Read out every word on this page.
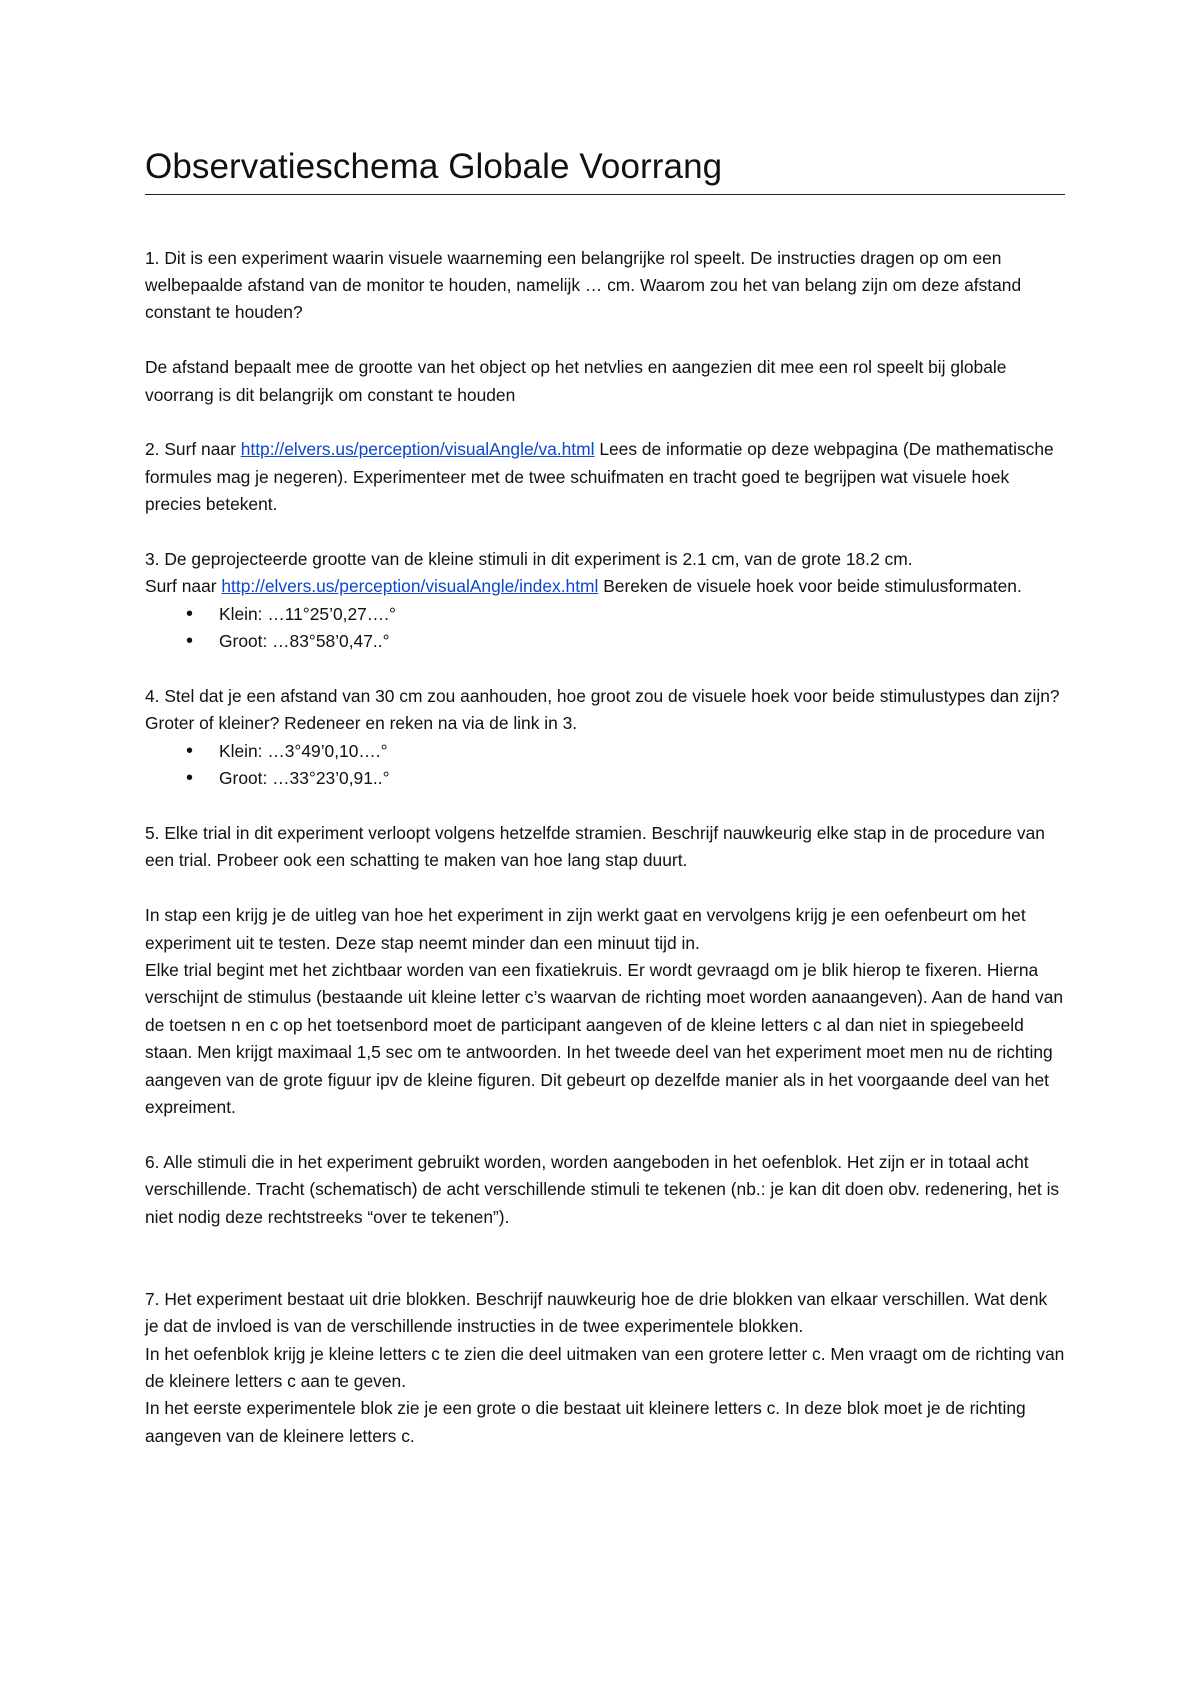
Observatieschema Globale Voorrang

1. Dit is een experiment waarin visuele waarneming een belangrijke rol speelt. De instructies dragen op om een welbepaalde afstand van de monitor te houden, namelijk … cm. Waarom zou het van belang zijn om deze afstand constant te houden?

De afstand bepaalt mee de grootte van het object op het netvlies en aangezien dit mee een rol speelt bij globale voorrang is dit belangrijk om constant te houden

2. Surf naar http://elvers.us/perception/visualAngle/va.html Lees de informatie op deze webpagina (De mathematische formules mag je negeren). Experimenteer met de twee schuifmaten en tracht goed te begrijpen wat visuele hoek precies betekent.

3. De geprojecteerde grootte van de kleine stimuli in dit experiment is 2.1 cm, van de grote 18.2 cm.
Surf naar http://elvers.us/perception/visualAngle/index.html Bereken de visuele hoek voor beide stimulusformaten.

• Klein: …11°25’0,27….°
• Groot: …83°58’0,47..°

4. Stel dat je een afstand van 30 cm zou aanhouden, hoe groot zou de visuele hoek voor beide stimulustypes dan zijn? Groter of kleiner? Redeneer en reken na via de link in 3.

• Klein: …3°49’0,10….°
• Groot: …33°23’0,91..°

5. Elke trial in dit experiment verloopt volgens hetzelfde stramien. Beschrijf nauwkeurig elke stap in de procedure van een trial. Probeer ook een schatting te maken van hoe lang stap duurt.

In stap een krijg je de uitleg van hoe het experiment in zijn werkt gaat en vervolgens krijg je een oefenbeurt om het experiment uit te testen. Deze stap neemt minder dan een minuut tijd in.

Elke trial begint met het zichtbaar worden van een fixatiekruis. Er wordt gevraagd om je blik hierop te fixeren. Hierna verschijnt de stimulus (bestaande uit kleine letter c’s waarvan de richting moet worden aanaangeven). Aan de hand van de toetsen n en c op het toetsenbord moet de participant aangeven of de kleine letters c al dan niet in spiegebeeld staan. Men krijgt maximaal 1,5 sec om te antwoorden. In het tweede deel van het experiment moet men nu de richting aangeven van de grote figuur ipv de kleine figuren. Dit gebeurt op dezelfde manier als in het voorgaande deel van het expreiment.

6. Alle stimuli die in het experiment gebruikt worden, worden aangeboden in het oefenblok. Het zijn er in totaal acht verschillende. Tracht (schematisch) de acht verschillende stimuli te tekenen (nb.: je kan dit doen obv. redenering, het is niet nodig deze rechtstreeks “over te tekenen”).

7. Het experiment bestaat uit drie blokken. Beschrijf nauwkeurig hoe de drie blokken van elkaar verschillen. Wat denk je dat de invloed is van de verschillende instructies in de twee experimentele blokken.

In het oefenblok krijg je kleine letters c te zien die deel uitmaken van een grotere letter c. Men vraagt om de richting van de kleinere letters c aan te geven.

In het eerste experimentele blok zie je een grote o die bestaat uit kleinere letters c. In deze blok moet je de richting aangeven van de kleinere letters c.
